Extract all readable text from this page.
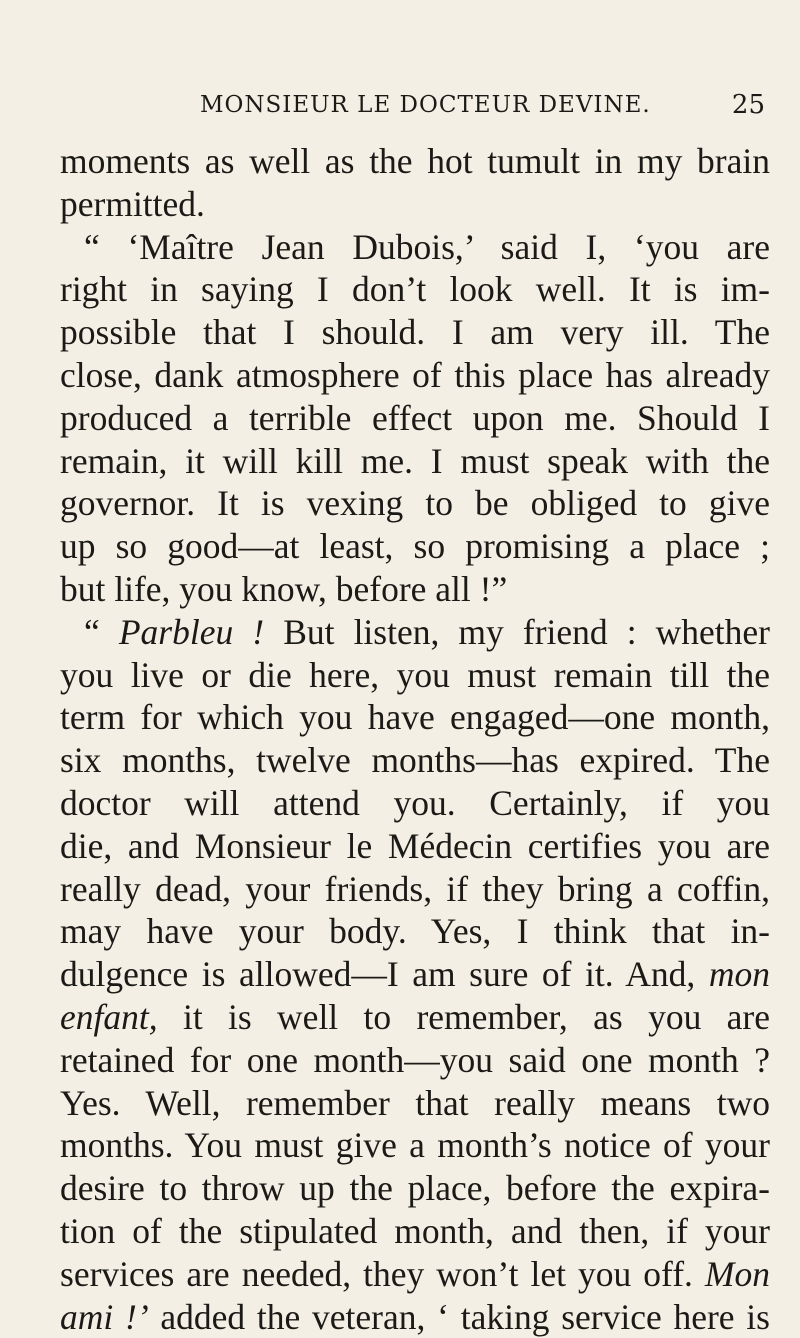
MONSIEUR LE DOCTEUR DEVINE.	25
moments as well as the hot tumult in my brain
permitted.
“ ‘Maître Jean Dubois,’ said I, ‘you are
right in saying I don’t look well. It is im-
possible that I should. I am very ill. The
close, dank atmosphere of this place has already
produced a terrible effect upon me. Should I
remain, it will kill me. I must speak with the
governor. It is vexing to be obliged to give
up so good—at least, so promising a place ;
but life, you know, before all !”
“ Parbleu ! But listen, my friend : whether
you live or die here, you must remain till the
term for which you have engaged—one month,
six months, twelve months—has expired. The
doctor will attend you. Certainly, if you
die, and Monsieur le Médecin certifies you are
really dead, your friends, if they bring a coffin,
may have your body. Yes, I think that in-
dulgence is allowed—I am sure of it. And, mon
enfant, it is well to remember, as you are
retained for one month—you said one month ?
Yes. Well, remember that really means two
months. You must give a month’s notice of your
desire to throw up the place, before the expira-
tion of the stipulated month, and then, if your
services are needed, they won’t let you off. Mon
ami !’ added the veteran, ‘ taking service here is
